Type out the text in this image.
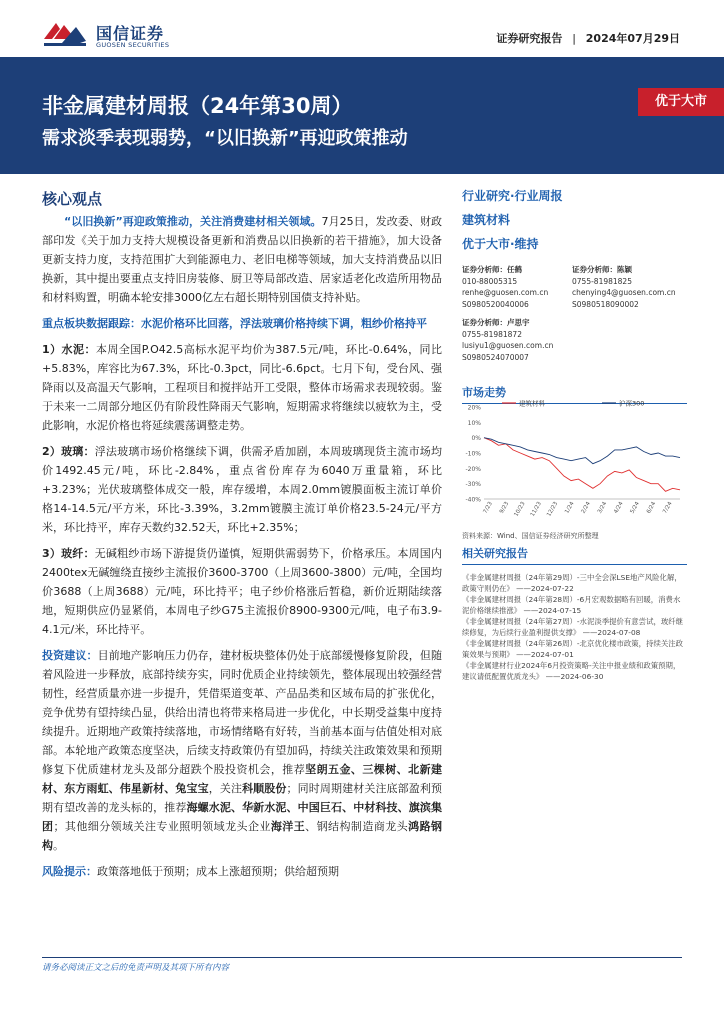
国信证券
GUOSEN SECURITIES	证券研究报告 | 2024年07月29日
非金属建材周报（24年第30周）
需求淡季表现弱势，“以旧换新”再迎政策推动
优于大市
核心观点

“以旧换新”再迎政策推动，关注消费建材相关领域。7月25日，发改委、财政部印发《关于加力支持大规模设备更新和消费品以旧换新的若干措施》，加大设备更新支持力度，支持范围扩大到能源电力、老旧电梯等领域，加大支持消费品以旧换新，其中提出要重点支持旧房装修、厨卫等局部改造、居家适老化改造所用物品和材料购置，明确本轮安排3000亿左右超长期特别国债支持补贴。

重点板块数据跟踪：水泥价格环比回落，浮法玻璃价格持续下调，粗纱价格持平

1）水泥：本周全国P.O42.5高标水泥平均价为387.5元/吨，环比-0.64%，同比+5.83%，库容比为67.3%，环比-0.3pct，同比-6.6pct。七月下旬，受台风、强降雨以及高温天气影响，工程项目和搅拌站开工受限，整体市场需求表现较弱。鉴于未来一二周部分地区仍有阶段性降雨天气影响，短期需求将继续以疲软为主，受此影响，水泥价格也将延续震荡调整走势。

2）玻璃：浮法玻璃市场价格继续下调，供需矛盾加剧，本周玻璃现货主流市场均价1492.45元/吨，环比-2.84%，重点省份库存为6040万重量箱，环比+3.23%；光伏玻璃整体成交一般，库存缓增，本周2.0mm镀膜面板主流订单价格14-14.5元/平方米，环比-3.39%，3.2mm镀膜主流订单价格23.5-24元/平方米，环比持平，库存天数约32.52天，环比+2.35%；

3）玻纤：无碱粗纱市场下游提货仍谨慎，短期供需弱势下，价格承压。本周国内2400tex无碱缠绕直接纱主流报价3600-3700（上周3600-3800）元/吨，全国均价3688（上周3688）元/吨，环比持平；电子纱价格涨后暂稳，新价近期陆续落地，短期供应仍显紧俏，本周电子纱G75主流报价8900-9300元/吨，电子布3.9-4.1元/米，环比持平。

投资建议：目前地产影响压力仍存，建材板块整体仍处于底部缓慢修复阶段，但随着风险进一步释放，底部持续夯实，同时优质企业持续领先，整体展现出较强经营韧性，经营质量亦进一步提升，凭借渠道变革、产品品类和区域布局的扩张优化，竞争优势有望持续凸显，供给出清也将带来格局进一步优化，中长期受益集中度持续提升。近期地产政策持续落地，市场情绪略有好转，当前基本面与估值处相对底部。本轮地产政策态度坚决，后续支持政策仍有望加码，持续关注政策效果和预期修复下优质建材龙头及部分超跌个股投资机会，推荐坚朗五金、三棵树、北新建材、东方雨虹、伟星新材、兔宝宝，关注科顺股份；同时周期建材关注底部盈利预期有望改善的龙头标的，推荐海螺水泥、华新水泥、中国巨石、中材科技、旗滨集团；其他细分领域关注专业照明领域龙头企业海洋王、钢结构制造商龙头鸿路钢构。

风险提示：政策落地低于预期；成本上涨超预期；供给超预期

行业研究·行业周报
建筑材料
优于大市·维持
证券分析师：任鹤
010-88005315
renhe@guosen.com.cn
S0980520040006
证券分析师：陈颖
0755-81981825
chenying4@guosen.com.cn
S0980518090002
证券分析师：卢思宇
0755-81981872
lusiyu1@guosen.com.cn
S0980524070007
市场走势
20%
10%
0%
-10%
-20%
-30%
-40%
7/23 9/23 10/23 11/23 12/23 1/24 2/24 3/24 4/24 5/24 6/24 7/24
建筑材料	沪深300
资料来源：Wind、国信证券经济研究所整理
相关研究报告
《非金属建材周报（24年第29周）-三中全会深LSE地产风险化解，政策守则仍在》 ——2024-07-22
《非金属建材周报（24年第28周）-6月宏观数据略有回暖，消费水泥价格继续推涨》 ——2024-07-15
《非金属建材周报（24年第27周）-水泥淡季提价有意尝试，玻纤继续修复，为后续行业盈利提供支撑》 ——2024-07-08
《非金属建材周报（24年第26周）-北京优化楼市政策，持续关注政策效果与预期》 ——2024-07-01
《非金属建材行业2024年6月投资策略-关注中报业绩和政策预期，建议请低配置优质龙头》 ——2024-06-30
请务必阅读正文之后的免责声明及其项下所有内容
